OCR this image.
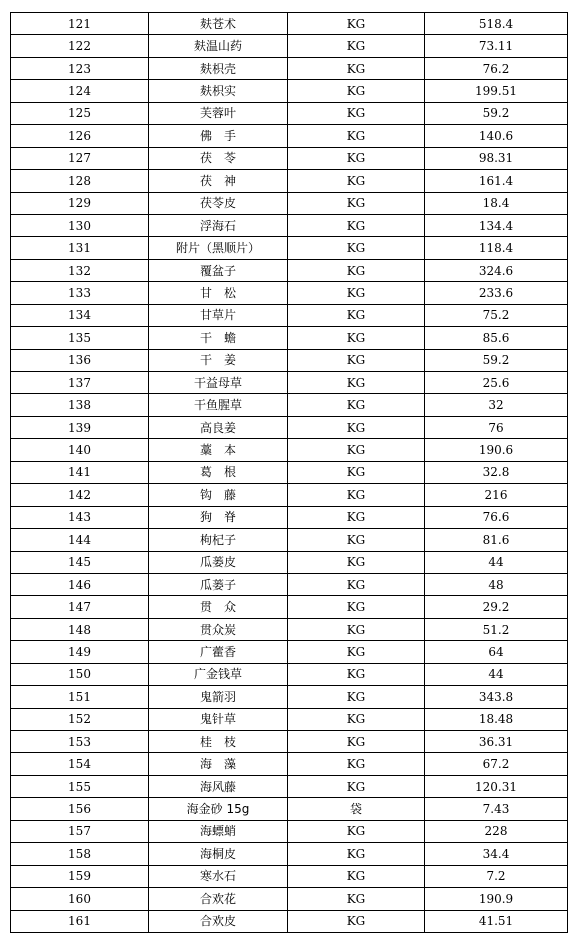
121	麸苍术	KG	518.4
122	麸温山药	KG	73.11
123	麸枳壳	KG	76.2
124	麸枳实	KG	199.51
125	芙蓉叶	KG	59.2
126	佛　手	KG	140.6
127	茯　苓	KG	98.31
128	茯　神	KG	161.4
129	茯苓皮	KG	18.4
130	浮海石	KG	134.4
131	附片（黑顺片）	KG	118.4
132	覆盆子	KG	324.6
133	甘　松	KG	233.6
134	甘草片	KG	75.2
135	干　蟾	KG	85.6
136	干　姜	KG	59.2
137	干益母草	KG	25.6
138	干鱼腥草	KG	32
139	高良姜	KG	76
140	藁　本	KG	190.6
141	葛　根	KG	32.8
142	钩　藤	KG	216
143	狗　脊	KG	76.6
144	枸杞子	KG	81.6
145	瓜蒌皮	KG	44
146	瓜蒌子	KG	48
147	贯　众	KG	29.2
148	贯众炭	KG	51.2
149	广藿香	KG	64
150	广金钱草	KG	44
151	鬼箭羽	KG	343.8
152	鬼针草	KG	18.48
153	桂　枝	KG	36.31
154	海　藻	KG	67.2
155	海风藤	KG	120.31
156	海金砂 15g	袋	7.43
157	海螵蛸	KG	228
158	海桐皮	KG	34.4
159	寒水石	KG	7.2
160	合欢花	KG	190.9
161	合欢皮	KG	41.51
